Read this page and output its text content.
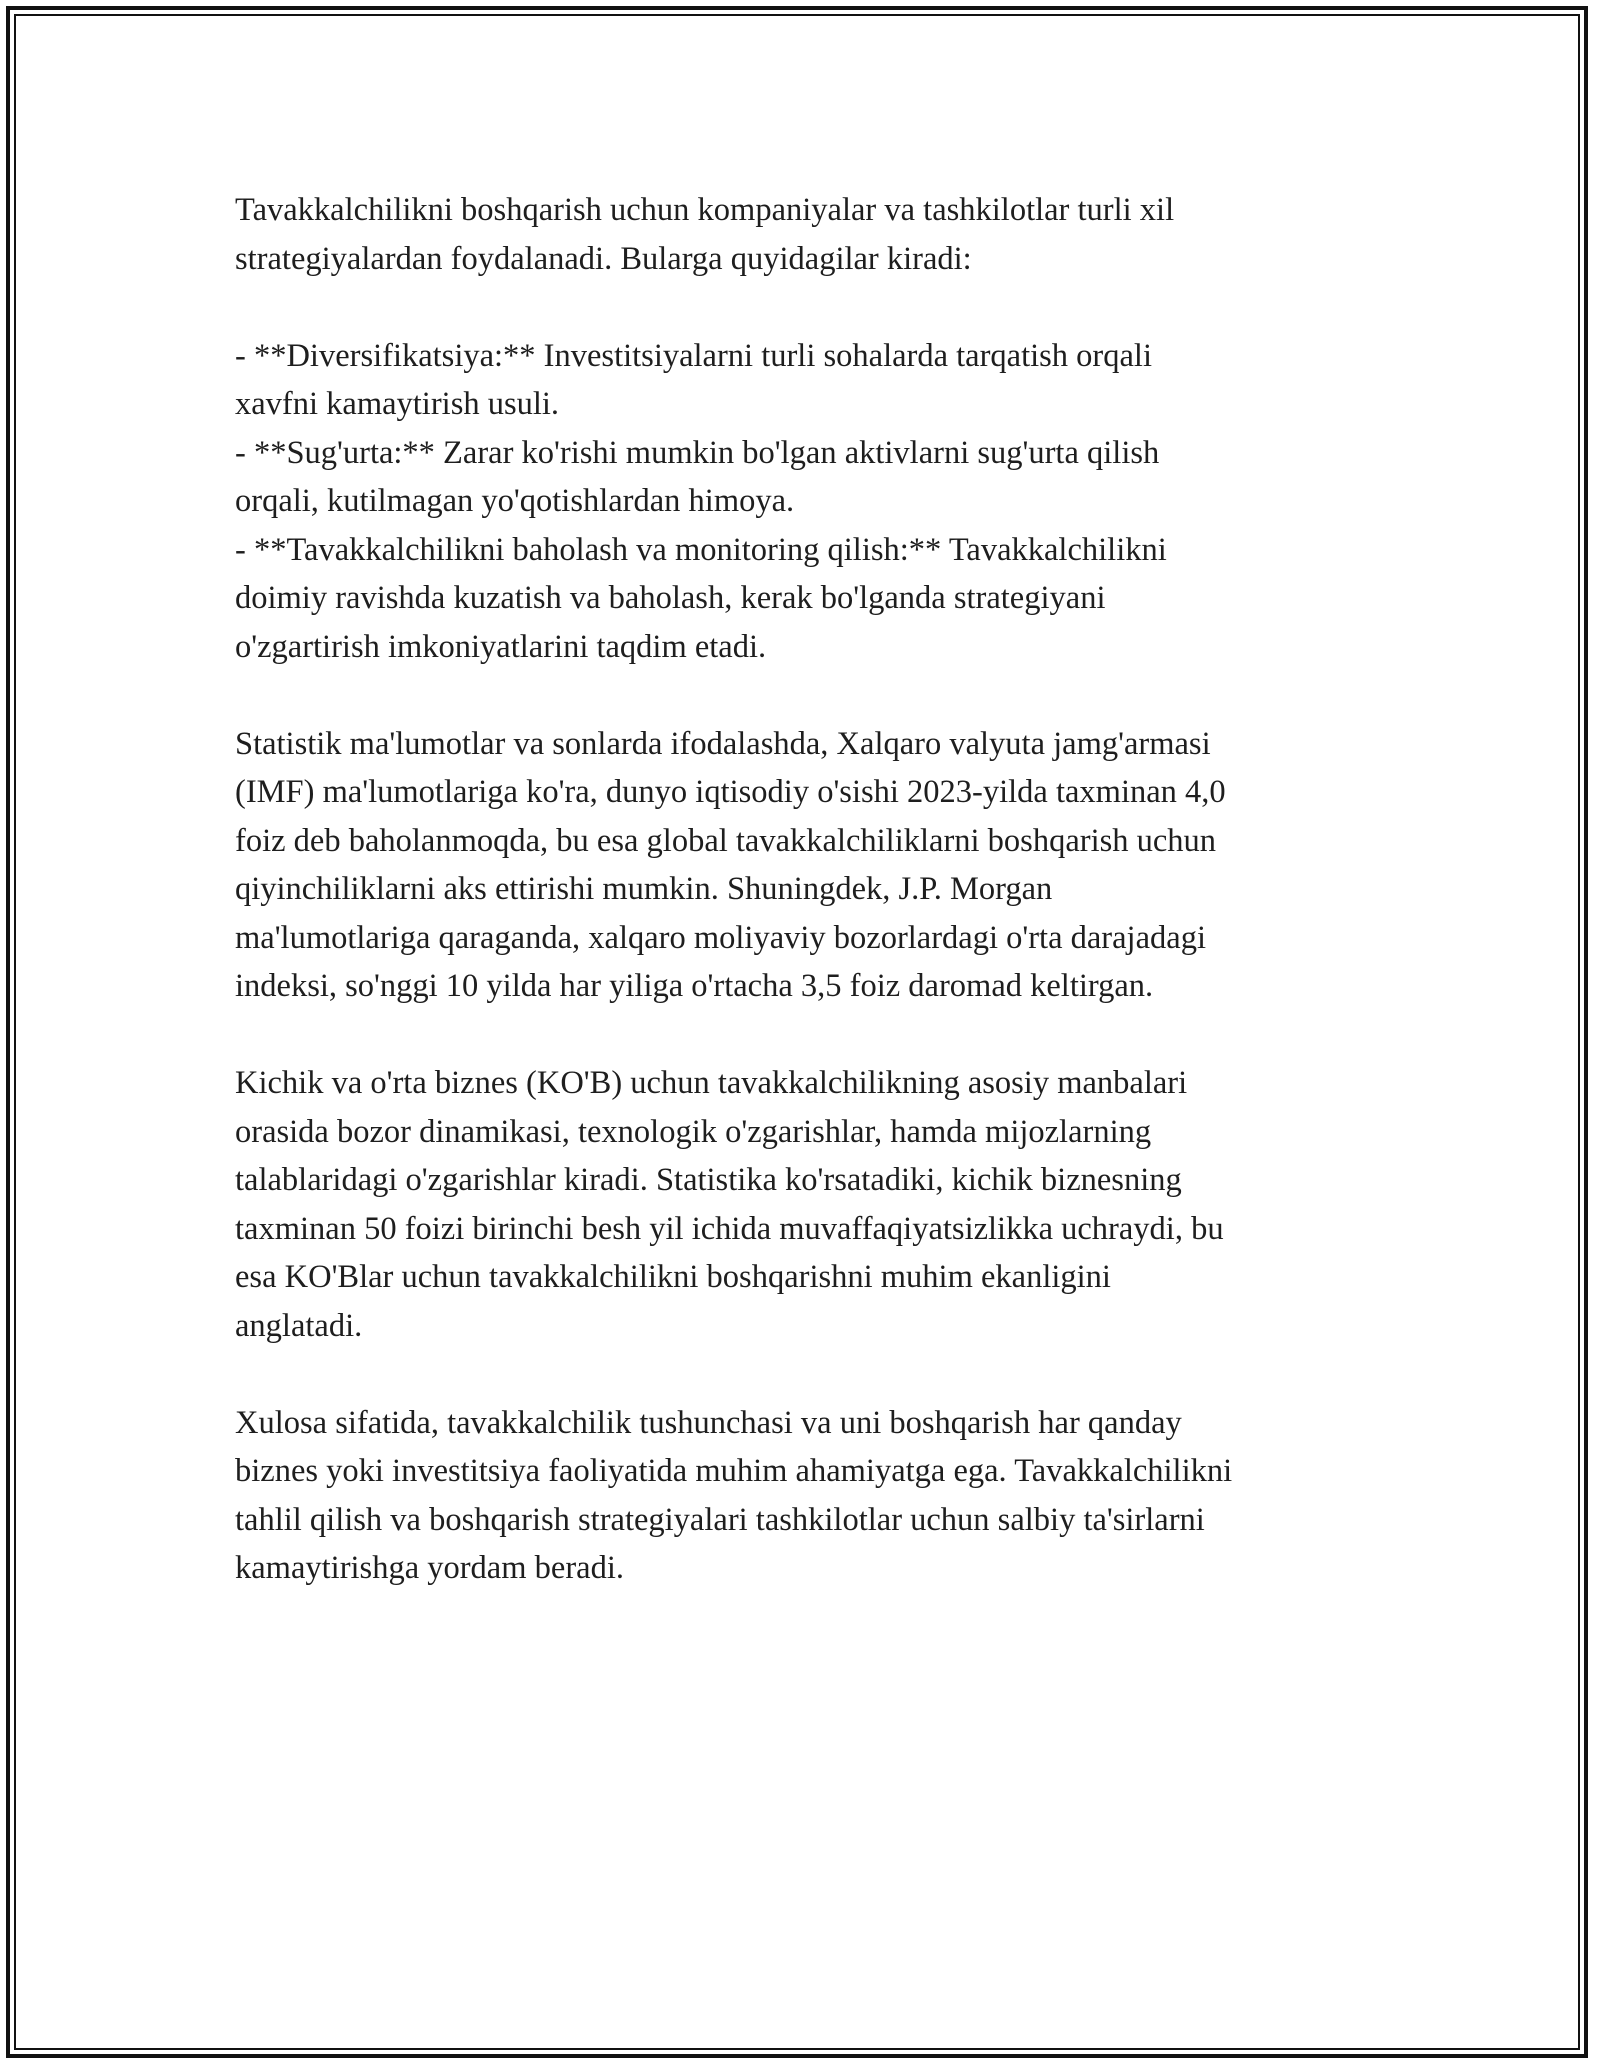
Tavakkalchilikni boshqarish uchun kompaniyalar va tashkilotlar turli xil
strategiyalardan foydalanadi. Bularga quyidagilar kiradi:

- **Diversifikatsiya:** Investitsiyalarni turli sohalarda tarqatish orqali
xavfni kamaytirish usuli.
- **Sug'urta:** Zarar ko'rishi mumkin bo'lgan aktivlarni sug'urta qilish
orqali, kutilmagan yo'qotishlardan himoya.
- **Tavakkalchilikni baholash va monitoring qilish:** Tavakkalchilikni
doimiy ravishda kuzatish va baholash, kerak bo'lganda strategiyani
o'zgartirish imkoniyatlarini taqdim etadi.

Statistik ma'lumotlar va sonlarda ifodalashda, Xalqaro valyuta jamg'armasi
(IMF) ma'lumotlariga ko'ra, dunyo iqtisodiy o'sishi 2023-yilda taxminan 4,0
foiz deb baholanmoqda, bu esa global tavakkalchiliklarni boshqarish uchun
qiyinchiliklarni aks ettirishi mumkin. Shuningdek, J.P. Morgan
ma'lumotlariga qaraganda, xalqaro moliyaviy bozorlardagi o'rta darajadagi
indeksi, so'nggi 10 yilda har yiliga o'rtacha 3,5 foiz daromad keltirgan.

Kichik va o'rta biznes (KO'B) uchun tavakkalchilikning asosiy manbalari
orasida bozor dinamikasi, texnologik o'zgarishlar, hamda mijozlarning
talablaridagi o'zgarishlar kiradi. Statistika ko'rsatadiki, kichik biznesning
taxminan 50 foizi birinchi besh yil ichida muvaffaqiyatsizlikka uchraydi, bu
esa KO'Blar uchun tavakkalchilikni boshqarishni muhim ekanligini
anglatadi.

Xulosa sifatida, tavakkalchilik tushunchasi va uni boshqarish har qanday
biznes yoki investitsiya faoliyatida muhim ahamiyatga ega. Tavakkalchilikni
tahlil qilish va boshqarish strategiyalari tashkilotlar uchun salbiy ta'sirlarni
kamaytirishga yordam beradi.
